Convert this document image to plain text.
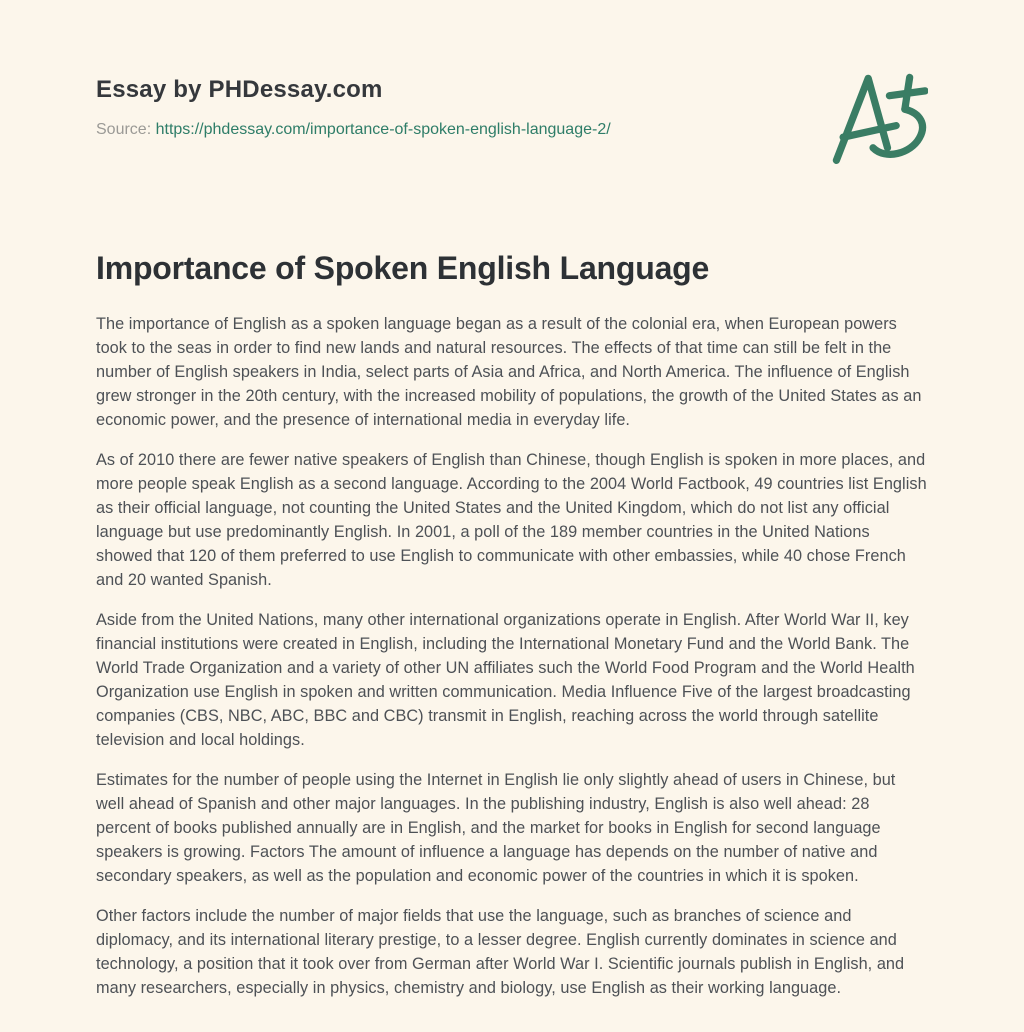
Essay by PHDessay.com
Source: https://phdessay.com/importance-of-spoken-english-language-2/
Importance of Spoken English Language

The importance of English as a spoken language began as a result of the colonial era, when European powers took to the seas in order to find new lands and natural resources. The effects of that time can still be felt in the number of English speakers in India, select parts of Asia and Africa, and North America. The influence of English grew stronger in the 20th century, with the increased mobility of populations, the growth of the United States as an economic power, and the presence of international media in everyday life.

As of 2010 there are fewer native speakers of English than Chinese, though English is spoken in more places, and more people speak English as a second language. According to the 2004 World Factbook, 49 countries list English as their official language, not counting the United States and the United Kingdom, which do not list any official language but use predominantly English. In 2001, a poll of the 189 member countries in the United Nations showed that 120 of them preferred to use English to communicate with other embassies, while 40 chose French and 20 wanted Spanish.

Aside from the United Nations, many other international organizations operate in English. After World War II, key financial institutions were created in English, including the International Monetary Fund and the World Bank. The World Trade Organization and a variety of other UN affiliates such the World Food Program and the World Health Organization use English in spoken and written communication. Media Influence Five of the largest broadcasting companies (CBS, NBC, ABC, BBC and CBC) transmit in English, reaching across the world through satellite television and local holdings.

Estimates for the number of people using the Internet in English lie only slightly ahead of users in Chinese, but well ahead of Spanish and other major languages. In the publishing industry, English is also well ahead: 28 percent of books published annually are in English, and the market for books in English for second language speakers is growing. Factors The amount of influence a language has depends on the number of native and secondary speakers, as well as the population and economic power of the countries in which it is spoken.

Other factors include the number of major fields that use the language, such as branches of science and diplomacy, and its international literary prestige, to a lesser degree. English currently dominates in science and technology, a position that it took over from German after World War I. Scientific journals publish in English, and many researchers, especially in physics, chemistry and biology, use English as their working language.
